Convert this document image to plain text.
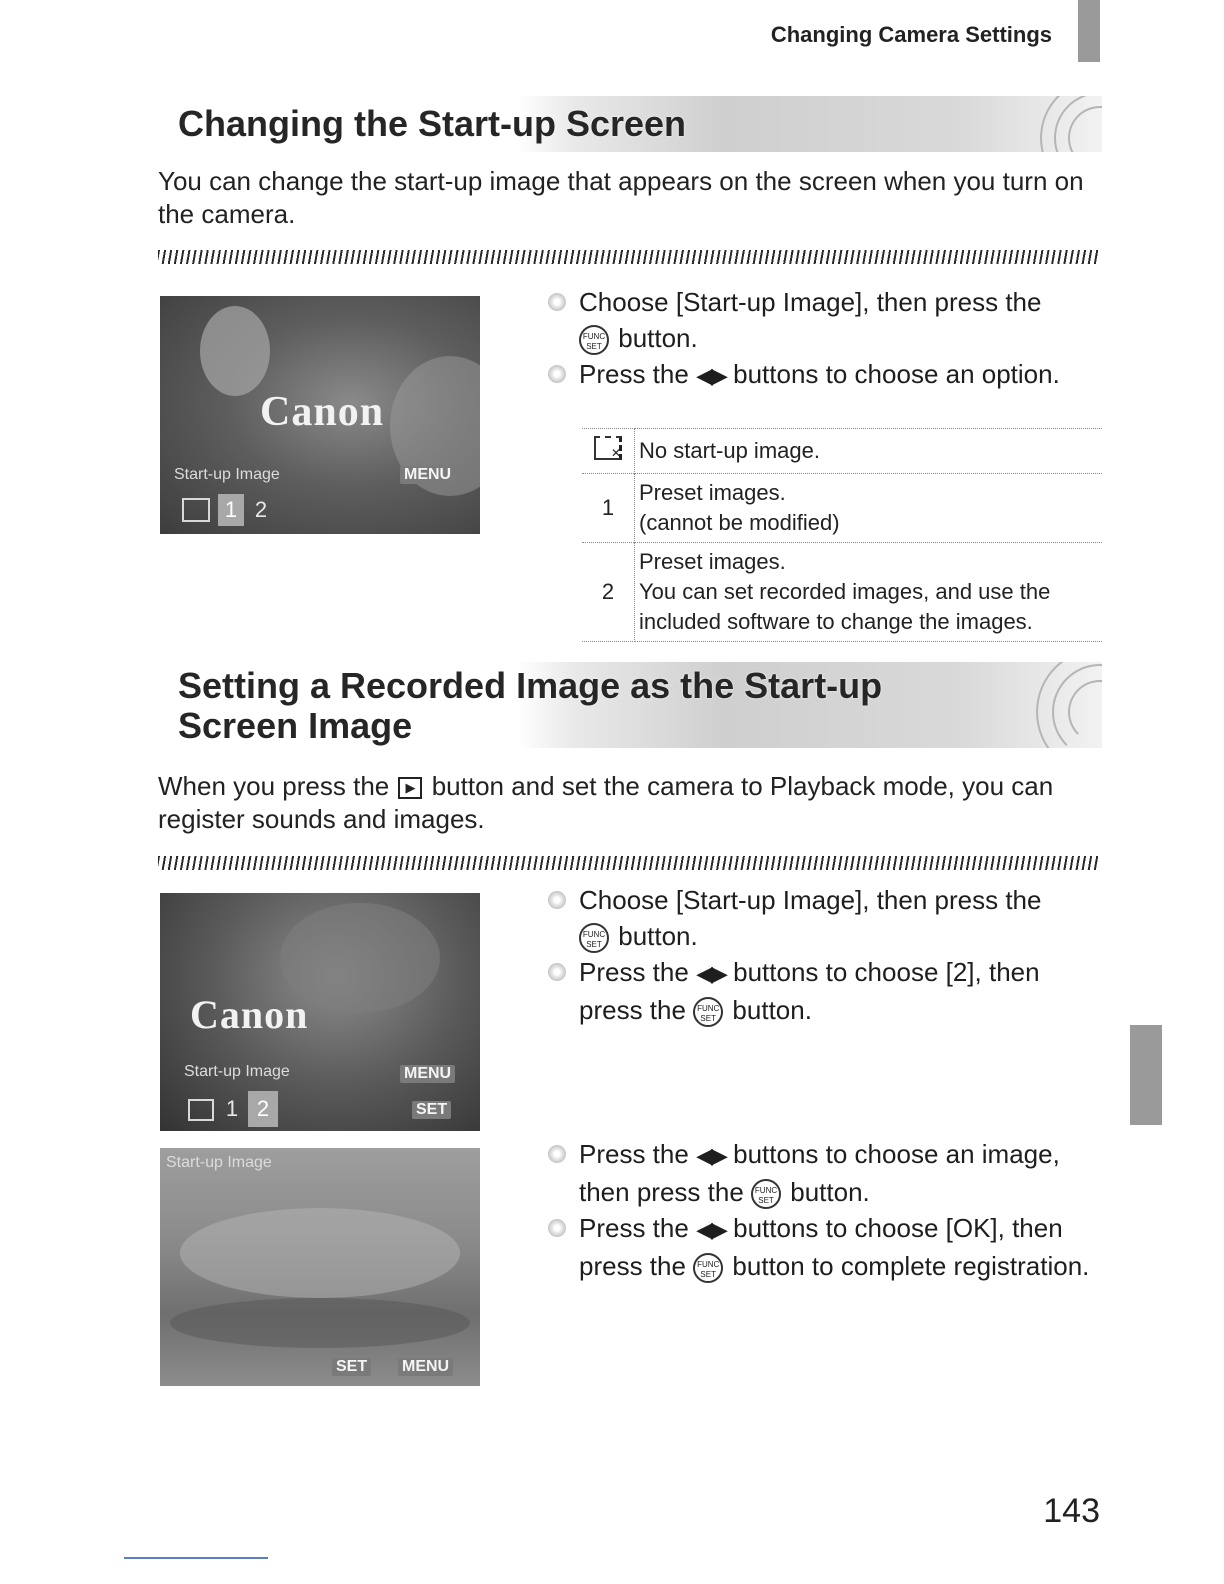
Changing Camera Settings
Changing the Start-up Screen
You can change the start-up image that appears on the screen when you turn on the camera.
Canon
Start-up Image	MENU
1 2
Choose [Start-up Image], then press the
FUNC
SET button.
Press the ◀▶ buttons to choose an option.
✕	No start-up image.
1	Preset images.
(cannot be modified)
2	Preset images.
You can set recorded images, and use the
included software to change the images.
Setting a Recorded Image as the Start-up
Screen Image
When you press the ▶ button and set the camera to Playback mode, you can register sounds and images.
Canon
Start-up Image	MENU
1 2	SET
Start-up Image
SET MENU
Choose [Start-up Image], then press the
FUNC
SET button.
Press the ◀▶ buttons to choose [2], then press the FUNC
SET button.
Press the ◀▶ buttons to choose an image, then press the FUNC
SET button.
Press the ◀▶ buttons to choose [OK], then press the FUNC
SET button to complete registration.
143
